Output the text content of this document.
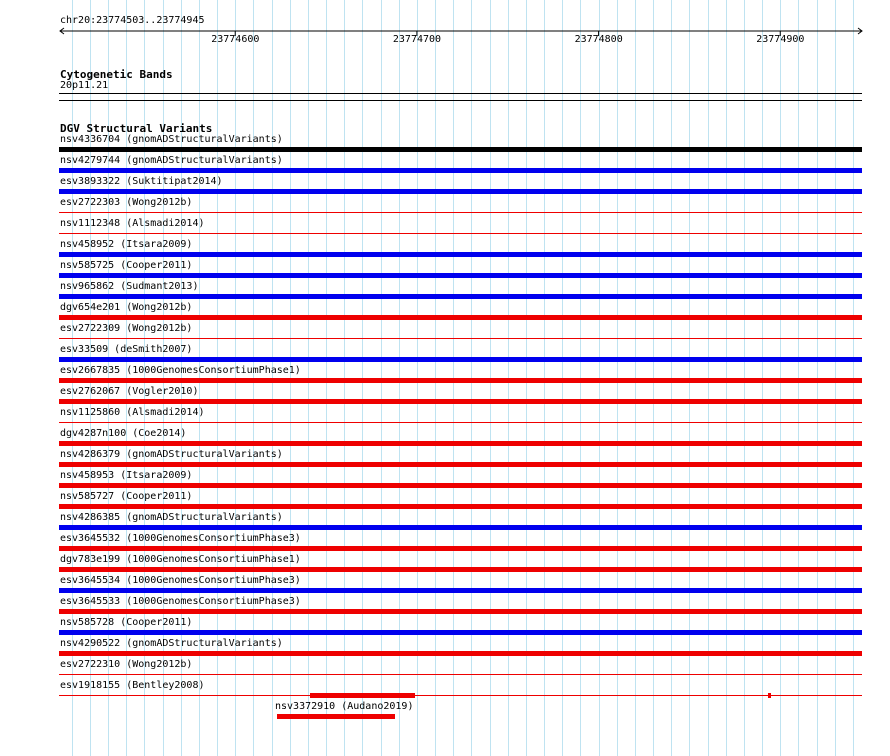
chr20:23774503..23774945
23774600	23774700	23774800	23774900
Cytogenetic Bands
20p11.21
DGV Structural Variants
nsv4336704 (gnomADStructuralVariants)
nsv4279744 (gnomADStructuralVariants)
esv3893322 (Suktitipat2014)
esv2722303 (Wong2012b)
nsv1112348 (Alsmadi2014)
nsv458952 (Itsara2009)
nsv585725 (Cooper2011)
nsv965862 (Sudmant2013)
dgv654e201 (Wong2012b)
esv2722309 (Wong2012b)
esv33509 (deSmith2007)
esv2667835 (1000GenomesConsortiumPhase1)
esv2762067 (Vogler2010)
nsv1125860 (Alsmadi2014)
dgv4287n100 (Coe2014)
nsv4286379 (gnomADStructuralVariants)
nsv458953 (Itsara2009)
nsv585727 (Cooper2011)
nsv4286385 (gnomADStructuralVariants)
esv3645532 (1000GenomesConsortiumPhase3)
dgv783e199 (1000GenomesConsortiumPhase1)
esv3645534 (1000GenomesConsortiumPhase3)
esv3645533 (1000GenomesConsortiumPhase3)
nsv585728 (Cooper2011)
nsv4290522 (gnomADStructuralVariants)
esv2722310 (Wong2012b)
esv1918155 (Bentley2008)
nsv3372910 (Audano2019)
